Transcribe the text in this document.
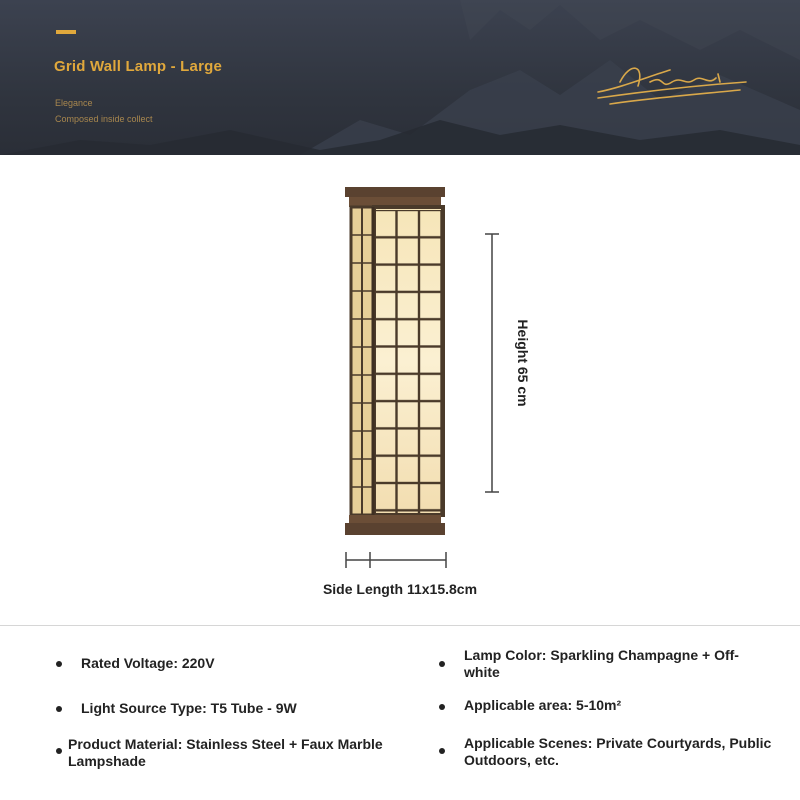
Grid Wall Lamp - Large
Elegance
Composed inside collect
Height 65 cm
Side Length 11x15.8cm
Rated Voltage: 220V
Light Source Type: T5 Tube - 9W
Product Material: Stainless Steel + Faux Marble Lampshade
Lamp Color: Sparkling Champagne + Off-white
Applicable area: 5-10m²
Applicable Scenes: Private Courtyards, Public Outdoors, etc.
